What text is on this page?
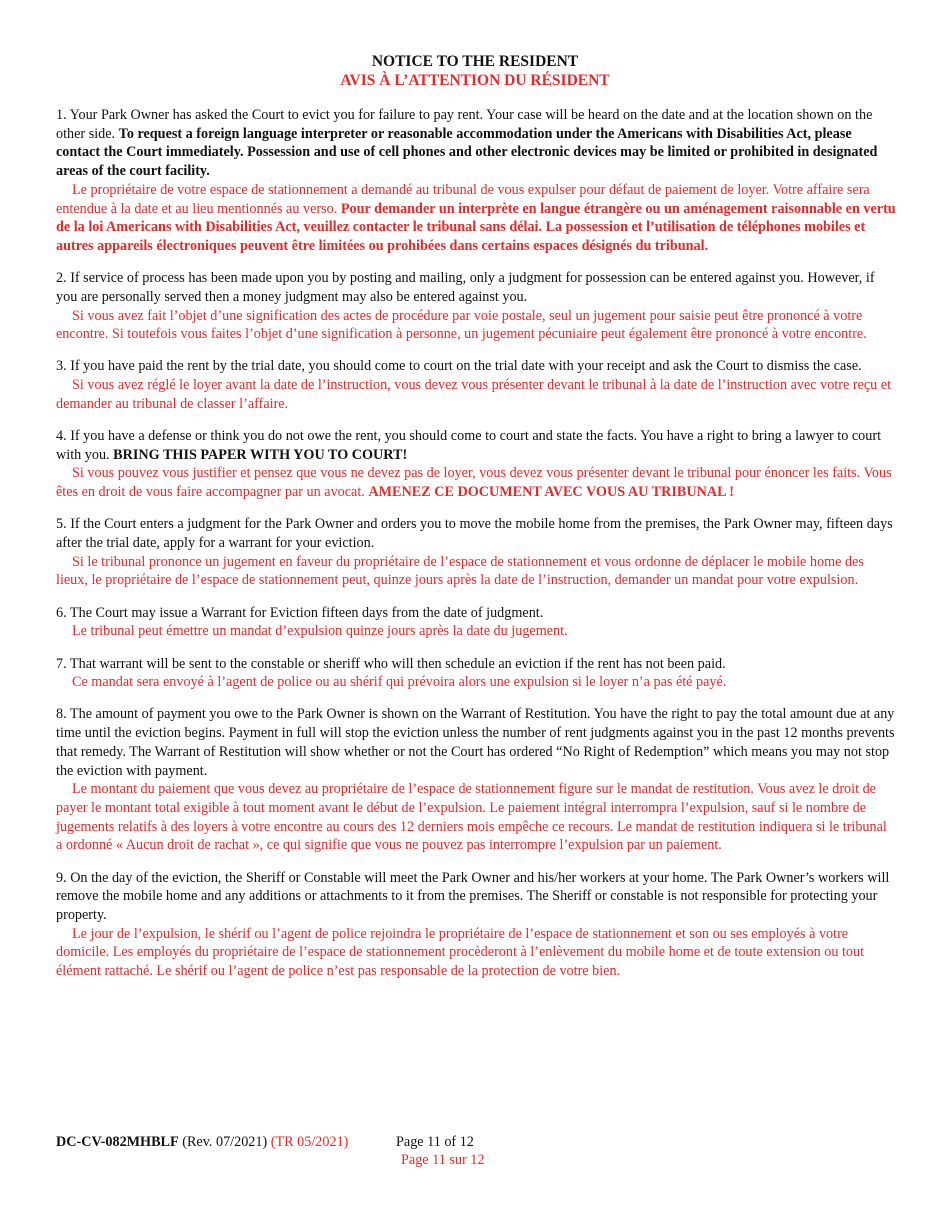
NOTICE TO THE RESIDENT
AVIS À L’ATTENTION DU RÉSIDENT

1. Your Park Owner has asked the Court to evict you for failure to pay rent. Your case will be heard on the date and at the location shown on the other side. To request a foreign language interpreter or reasonable accommodation under the Americans with Disabilities Act, please contact the Court immediately. Possession and use of cell phones and other electronic devices may be limited or prohibited in designated areas of the court facility.

Le propriétaire de votre espace de stationnement a demandé au tribunal de vous expulser pour défaut de paiement de loyer. Votre affaire sera entendue à la date et au lieu mentionnés au verso. Pour demander un interprète en langue étrangère ou un aménagement raisonnable en vertu de la loi Americans with Disabilities Act, veuillez contacter le tribunal sans délai. La possession et l’utilisation de téléphones mobiles et autres appareils électroniques peuvent être limitées ou prohibées dans certains espaces désignés du tribunal.

2. If service of process has been made upon you by posting and mailing, only a judgment for possession can be entered against you. However, if you are personally served then a money judgment may also be entered against you.

Si vous avez fait l’objet d’une signification des actes de procédure par voie postale, seul un jugement pour saisie peut être prononcé à votre encontre. Si toutefois vous faites l’objet d’une signification à personne, un jugement pécuniaire peut également être prononcé à votre encontre.

3. If you have paid the rent by the trial date, you should come to court on the trial date with your receipt and ask the Court to dismiss the case.

Si vous avez réglé le loyer avant la date de l’instruction, vous devez vous présenter devant le tribunal à la date de l’instruction avec votre reçu et demander au tribunal de classer l’affaire.

4. If you have a defense or think you do not owe the rent, you should come to court and state the facts. You have a right to bring a lawyer to court with you. BRING THIS PAPER WITH YOU TO COURT!

Si vous pouvez vous justifier et pensez que vous ne devez pas de loyer, vous devez vous présenter devant le tribunal pour énoncer les faits. Vous êtes en droit de vous faire accompagner par un avocat. AMENEZ CE DOCUMENT AVEC VOUS AU TRIBUNAL !

5. If the Court enters a judgment for the Park Owner and orders you to move the mobile home from the premises, the Park Owner may, fifteen days after the trial date, apply for a warrant for your eviction.

Si le tribunal prononce un jugement en faveur du propriétaire de l’espace de stationnement et vous ordonne de déplacer le mobile home des lieux, le propriétaire de l’espace de stationnement peut, quinze jours après la date de l’instruction, demander un mandat pour votre expulsion.

6. The Court may issue a Warrant for Eviction fifteen days from the date of judgment.

Le tribunal peut émettre un mandat d’expulsion quinze jours après la date du jugement.

7. That warrant will be sent to the constable or sheriff who will then schedule an eviction if the rent has not been paid.

Ce mandat sera envoyé à l’agent de police ou au shérif qui prévoira alors une expulsion si le loyer n’a pas été payé.

8. The amount of payment you owe to the Park Owner is shown on the Warrant of Restitution. You have the right to pay the total amount due at any time until the eviction begins. Payment in full will stop the eviction unless the number of rent judgments against you in the past 12 months prevents that remedy. The Warrant of Restitution will show whether or not the Court has ordered “No Right of Redemption” which means you may not stop the eviction with payment.

Le montant du paiement que vous devez au propriétaire de l’espace de stationnement figure sur le mandat de restitution. Vous avez le droit de payer le montant total exigible à tout moment avant le début de l’expulsion. Le paiement intégral interrompra l’expulsion, sauf si le nombre de jugements relatifs à des loyers à votre encontre au cours des 12 derniers mois empêche ce recours. Le mandat de restitution indiquera si le tribunal a ordonné « Aucun droit de rachat », ce qui signifie que vous ne pouvez pas interrompre l’expulsion par un paiement.

9. On the day of the eviction, the Sheriff or Constable will meet the Park Owner and his/her workers at your home. The Park Owner’s workers will remove the mobile home and any additions or attachments to it from the premises. The Sheriff or constable is not responsible for protecting your property.

Le jour de l’expulsion, le shérif ou l’agent de police rejoindra le propriétaire de l’espace de stationnement et son ou ses employés à votre domicile. Les employés du propriétaire de l’espace de stationnement procèderont à l’enlèvement du mobile home et de toute extension ou tout élément rattaché. Le shérif ou l’agent de police n’est pas responsable de la protection de votre bien.

DC-CV-082MHBLF (Rev. 07/2021) (TR 05/2021)	Page 11 of 12
Page 11 sur 12
